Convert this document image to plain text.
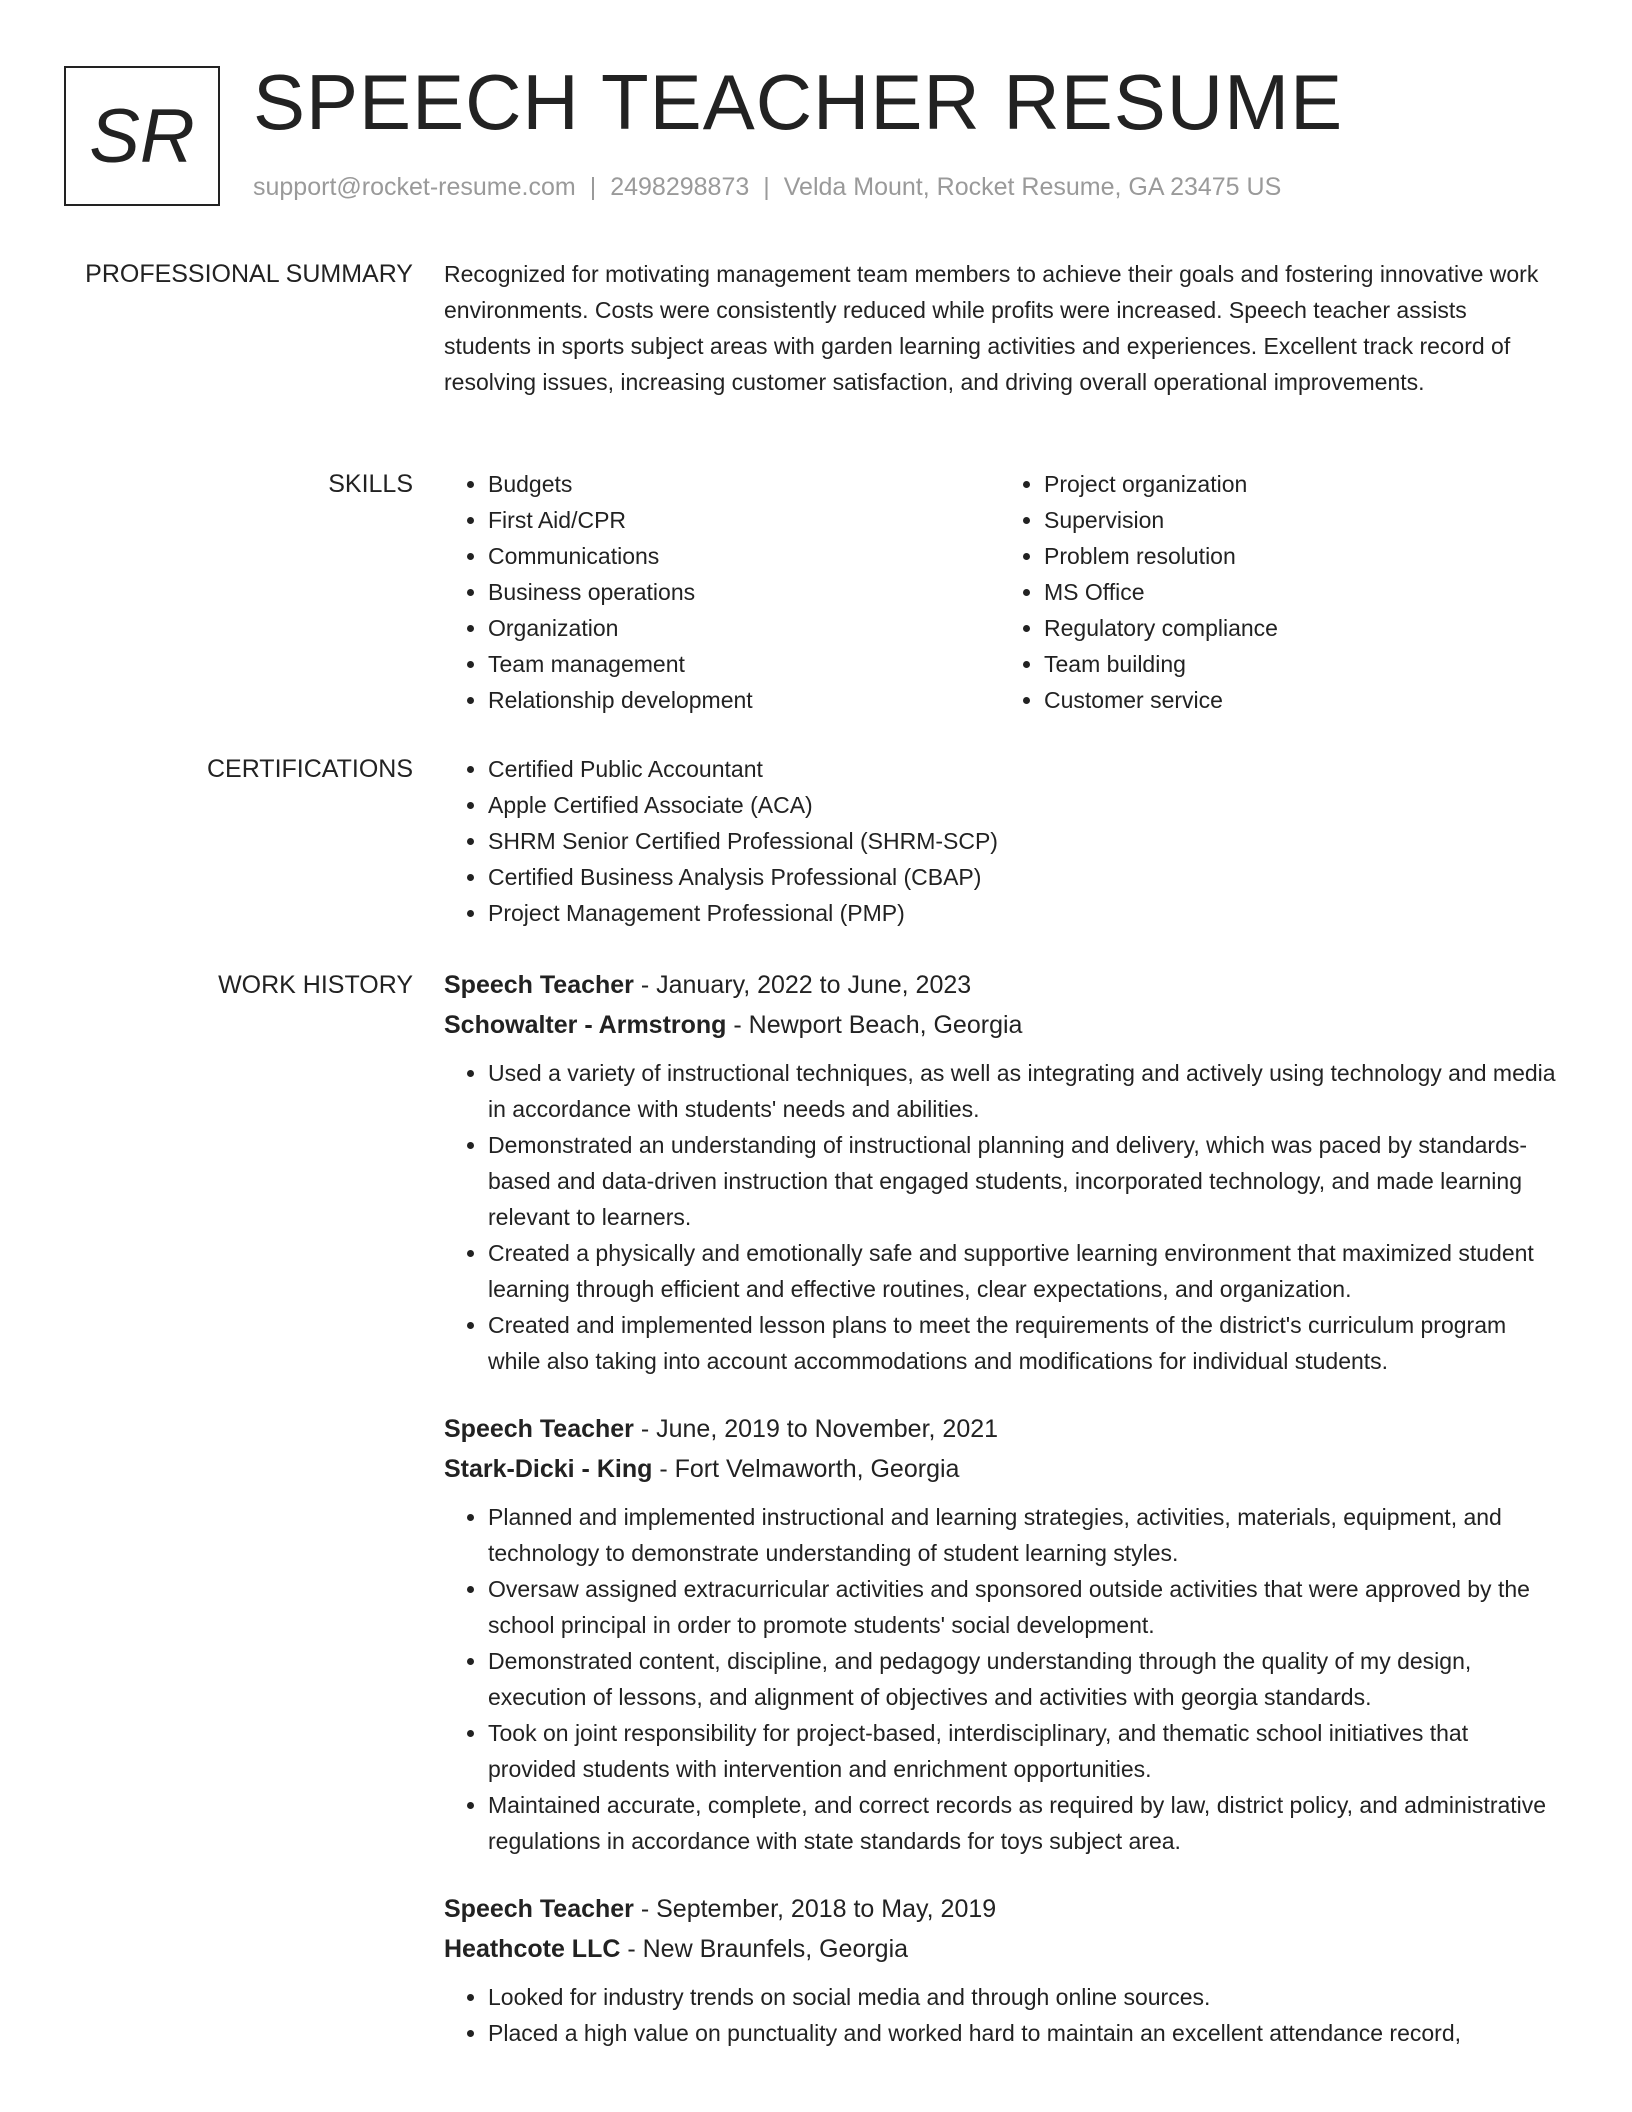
SR SPEECH TEACHER RESUME
support@rocket-resume.com | 2498298873 | Velda Mount, Rocket Resume, GA 23475 US
PROFESSIONAL SUMMARY Recognized for motivating management team members to achieve their goals and fostering innovative work environments. Costs were consistently reduced while profits were increased. Speech teacher assists students in sports subject areas with garden learning activities and experiences. Excellent track record of resolving issues, increasing customer satisfaction, and driving overall operational improvements.
SKILLS	• Budgets
• First Aid/CPR
• Communications
• Business operations
• Organization
• Team management
• Relationship development
• Project organization
• Supervision
• Problem resolution
• MS Office
• Regulatory compliance
• Team building
• Customer service
CERTIFICATIONS	• Certified Public Accountant
• Apple Certified Associate (ACA)
• SHRM Senior Certified Professional (SHRM-SCP)
• Certified Business Analysis Professional (CBAP)
• Project Management Professional (PMP)
WORK HISTORY Speech Teacher - January, 2022 to June, 2023
Schowalter - Armstrong - Newport Beach, Georgia
• Used a variety of instructional techniques, as well as integrating and actively using technology and media in accordance with students' needs and abilities.
• Demonstrated an understanding of instructional planning and delivery, which was paced by standards-based and data-driven instruction that engaged students, incorporated technology, and made learning relevant to learners.
• Created a physically and emotionally safe and supportive learning environment that maximized student learning through efficient and effective routines, clear expectations, and organization.
• Created and implemented lesson plans to meet the requirements of the district's curriculum program while also taking into account accommodations and modifications for individual students.
Speech Teacher - June, 2019 to November, 2021
Stark-Dicki - King - Fort Velmaworth, Georgia
• Planned and implemented instructional and learning strategies, activities, materials, equipment, and technology to demonstrate understanding of student learning styles.
• Oversaw assigned extracurricular activities and sponsored outside activities that were approved by the school principal in order to promote students' social development.
• Demonstrated content, discipline, and pedagogy understanding through the quality of my design, execution of lessons, and alignment of objectives and activities with georgia standards.
• Took on joint responsibility for project-based, interdisciplinary, and thematic school initiatives that provided students with intervention and enrichment opportunities.
• Maintained accurate, complete, and correct records as required by law, district policy, and administrative regulations in accordance with state standards for toys subject area.
Speech Teacher - September, 2018 to May, 2019
Heathcote LLC - New Braunfels, Georgia
• Looked for industry trends on social media and through online sources.
• Placed a high value on punctuality and worked hard to maintain an excellent attendance record,
